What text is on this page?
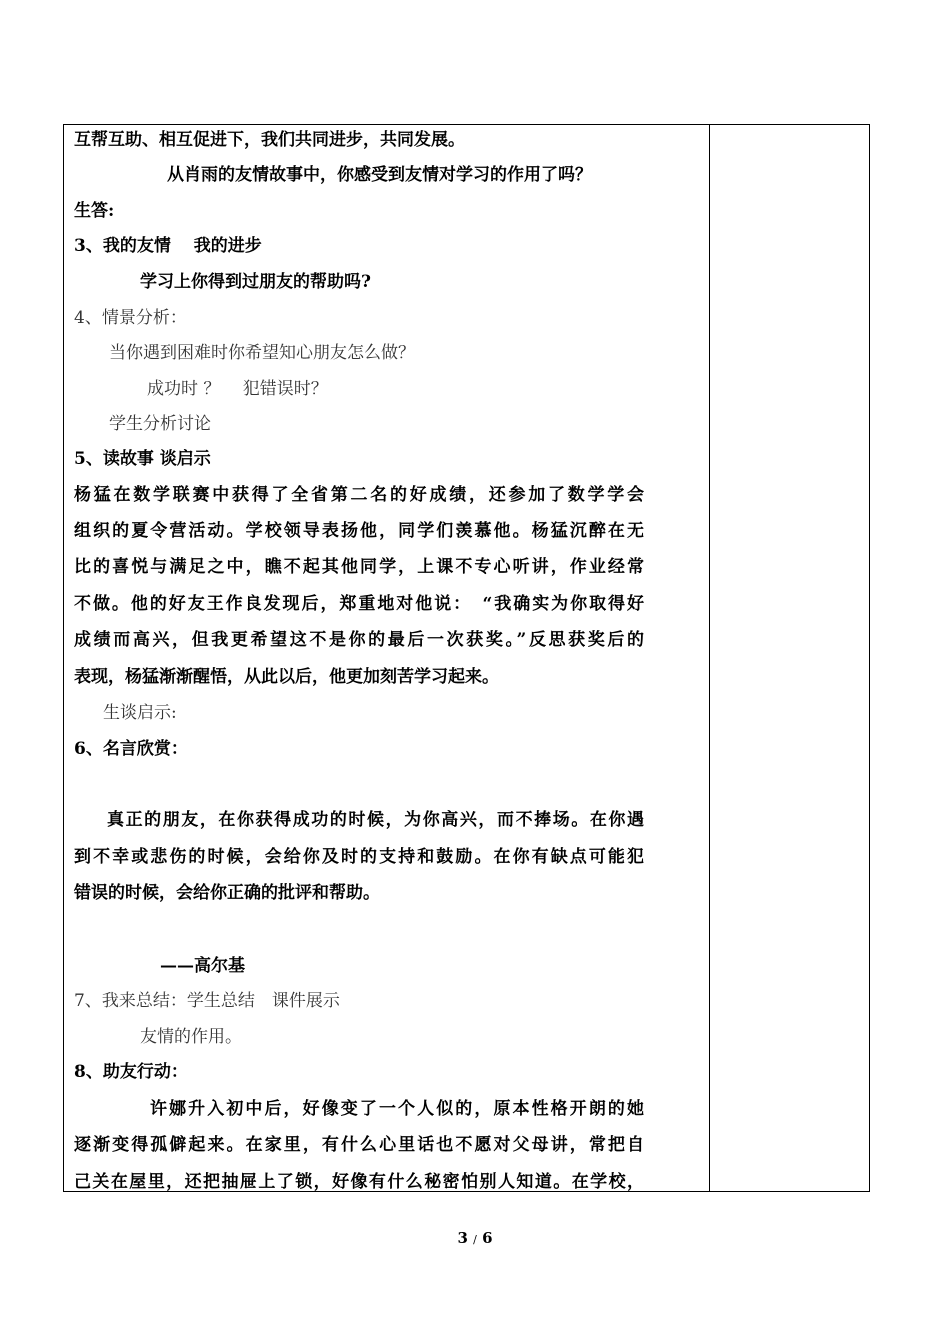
互帮互助、相互促进下，我们共同进步，共同发展。
从肖雨的友情故事中，你感受到友情对学习的作用了吗？
生答:
3、我的友情　 我的进步
学习上你得到过朋友的帮助吗?
4、情景分析：
当你遇到困难时你希望知心朋友怎么做？
成功时 ？　 犯错误时？
学生分析讨论
5、读故事 谈启示
杨猛在数学联赛中获得了全省第二名的好成绩，还参加了数学学会
组织的夏令营活动。学校领导表扬他，同学们羡慕他。杨猛沉醉在无
比的喜悦与满足之中，瞧不起其他同学，上课不专心听讲，作业经常
不做。他的好友王作良发现后，郑重地对他说：　“我确实为你取得好
成绩而高兴，但我更希望这不是你的最后一次获奖。”反思获奖后的
表现，杨猛渐渐醒悟，从此以后，他更加刻苦学习起来。
生谈启示:
6、名言欣赏：
真正的朋友，在你获得成功的时候，为你高兴，而不捧场。在你遇
到不幸或悲伤的时候，会给你及时的支持和鼓励。在你有缺点可能犯
错误的时候，会给你正确的批评和帮助。
——高尔基
7、我来总结：学生总结　课件展示
友情的作用。
8、助友行动：
许娜升入初中后，好像变了一个人似的，原本性格开朗的她
逐渐变得孤僻起来。在家里，有什么心里话也不愿对父母讲，常把自
己关在屋里，还把抽屉上了锁，好像有什么秘密怕别人知道。在学校，
3 / 6
